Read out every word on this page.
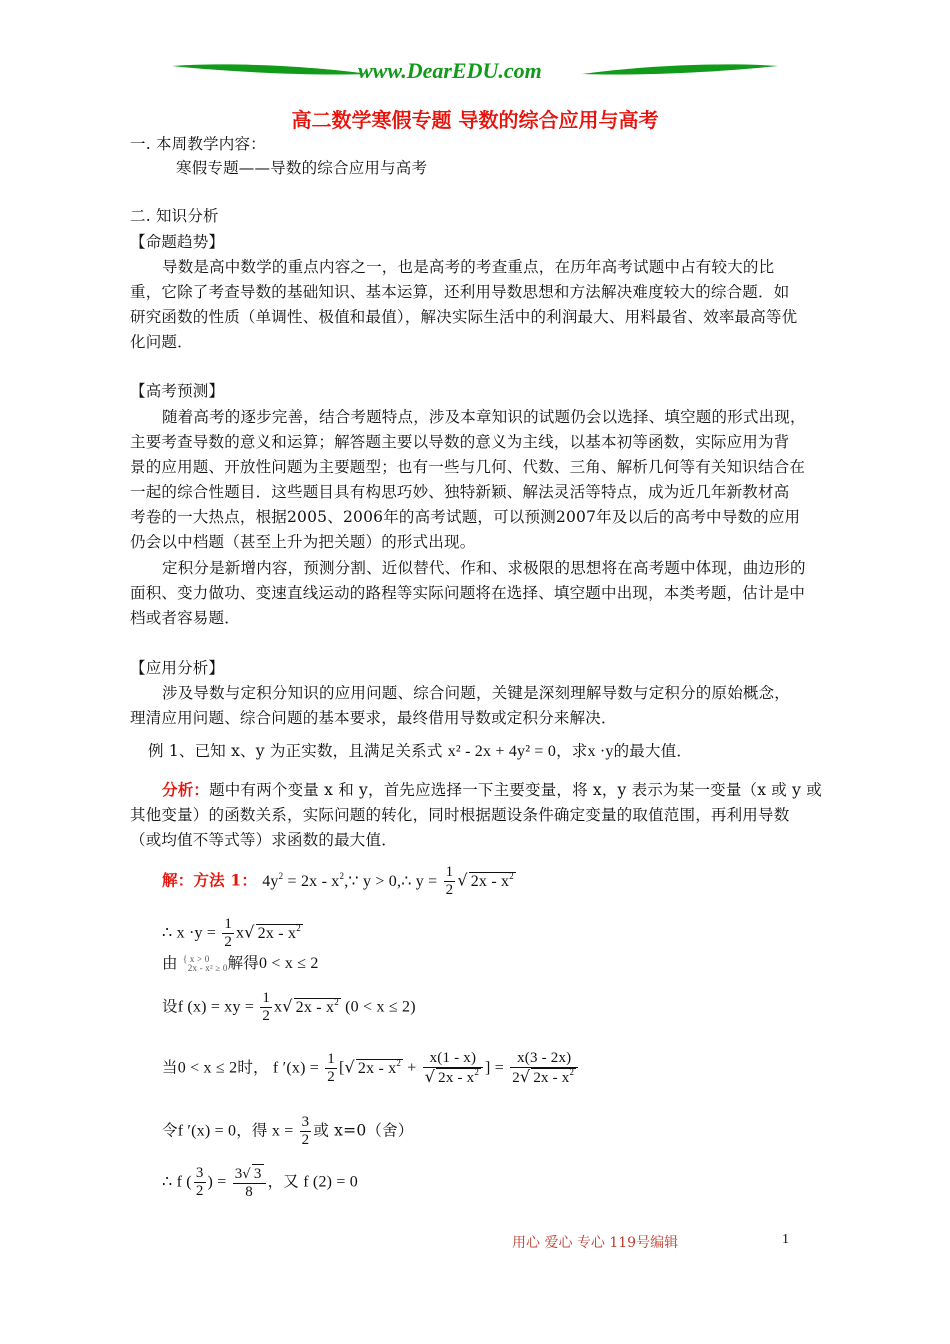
www.DearEDU.com
高二数学寒假专题 导数的综合应用与高考
一. 本周教学内容：
寒假专题——导数的综合应用与高考
二. 知识分析
【命题趋势】
导数是高中数学的重点内容之一，也是高考的考查重点，在历年高考试题中占有较大的比
重，它除了考查导数的基础知识、基本运算，还利用导数思想和方法解决难度较大的综合题．如
研究函数的性质（单调性、极值和最值），解决实际生活中的利润最大、用料最省、效率最高等优
化问题．
【高考预测】
随着高考的逐步完善，结合考题特点，涉及本章知识的试题仍会以选择、填空题的形式出现，
主要考查导数的意义和运算；解答题主要以导数的意义为主线，以基本初等函数，实际应用为背
景的应用题、开放性问题为主要题型；也有一些与几何、代数、三角、解析几何等有关知识结合在
一起的综合性题目．这些题目具有构思巧妙、独特新颖、解法灵活等特点，成为近几年新教材高
考卷的一大热点，根据2005、2006年的高考试题，可以预测2007年及以后的高考中导数的应用
仍会以中档题（甚至上升为把关题）的形式出现。
定积分是新增内容，预测分割、近似替代、作和、求极限的思想将在高考题中体现，曲边形的
面积、变力做功、变速直线运动的路程等实际问题将在选择、填空题中出现，本类考题，估计是中
档或者容易题．
【应用分析】
涉及导数与定积分知识的应用问题、综合问题，关键是深刻理解导数与定积分的原始概念，
理清应用问题、综合问题的基本要求，最终借用导数或定积分来解决．
例 1、已知 x、y 为正实数，且满足关系式 x² - 2x + 4y² = 0，求x ·y的最大值．
分析：题中有两个变量 x 和 y，首先应选择一下主要变量，将 x，y 表示为某一变量（x 或 y 或
其他变量）的函数关系，实际问题的转化，同时根据题设条件确定变量的取值范围，再利用导数
（或均值不等式等）求函数的最大值．
解：方法 1： $4y^2 = 2x$ - $x^2,\because$ y > 0,∴ $y = \frac{1}{2}$ √ $2x - x^2$
∴ $x \cdot y = \frac{1}{2} x√$ $2x - x^2$
由 { x > 0
2x - x² ≥ 0解得0 < x ≤ 2
设f (x) = xy = $\frac{1}{2} x√$ $2x - x^2$ (0 < x ≤ 2)
当0 < x ≤ 2时， f $'(x) = \frac{1}{2}$ [√ $2x - x^2 + \frac{x(1 - x)}{√ 2x - x^2}$ ] = $\frac{x(3 - 2x)}{2√ 2x - x^2}$
令f ′(x) = 0，得 $x = \frac{3}{2}$ 或 x=0（舍）
∴ f ( $\frac{3}{2}$ ) = $\frac{3√ 3}{8}$ ，又 f (2) = 0
用心 爱心 专心 119号编辑	1
